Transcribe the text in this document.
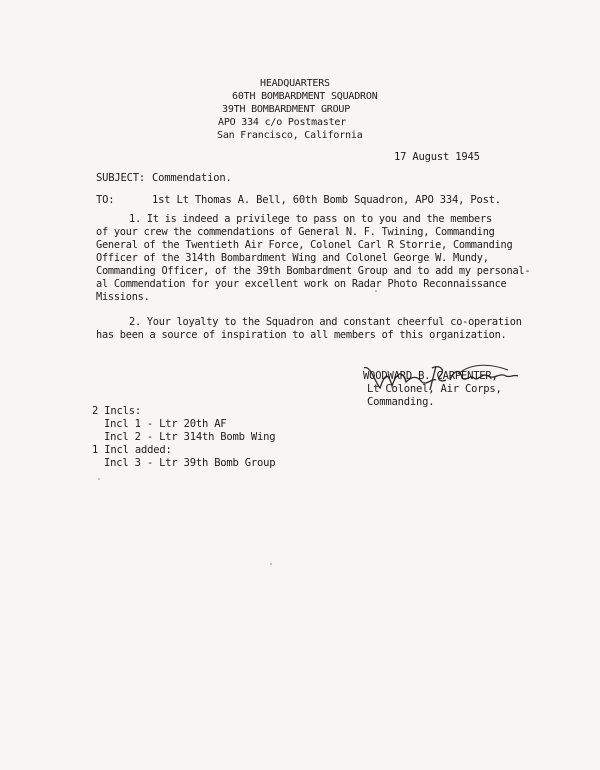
HEADQUARTERS
60TH BOMBARDMENT SQUADRON
39TH BOMBARDMENT GROUP
APO 334 c/o Postmaster
San Francisco, California
17 August 1945
SUBJECT: Commendation.
TO:	1st Lt Thomas A. Bell, 60th Bomb Squadron, APO 334, Post.
1. It is indeed a privilege to pass on to you and the members
of your crew the commendations of General N. F. Twining, Commanding
General of the Twentieth Air Force, Colonel Carl R Storrie, Commanding
Officer of the 314th Bombardment Wing and Colonel George W. Mundy,
Commanding Officer, of the 39th Bombardment Group and to add my personal-
al Commendation for your excellent work on Radar Photo Reconnaissance
Missions.
2. Your loyalty to the Squadron and constant cheerful co-operation
has been a source of inspiration to all members of this organization.
WOODWARD B. CARPENTER,
Lt Colonel, Air Corps,
Commanding.
2 Incls:
Incl 1 - Ltr 20th AF
Incl 2 - Ltr 314th Bomb Wing
1 Incl added:
Incl 3 - Ltr 39th Bomb Group
